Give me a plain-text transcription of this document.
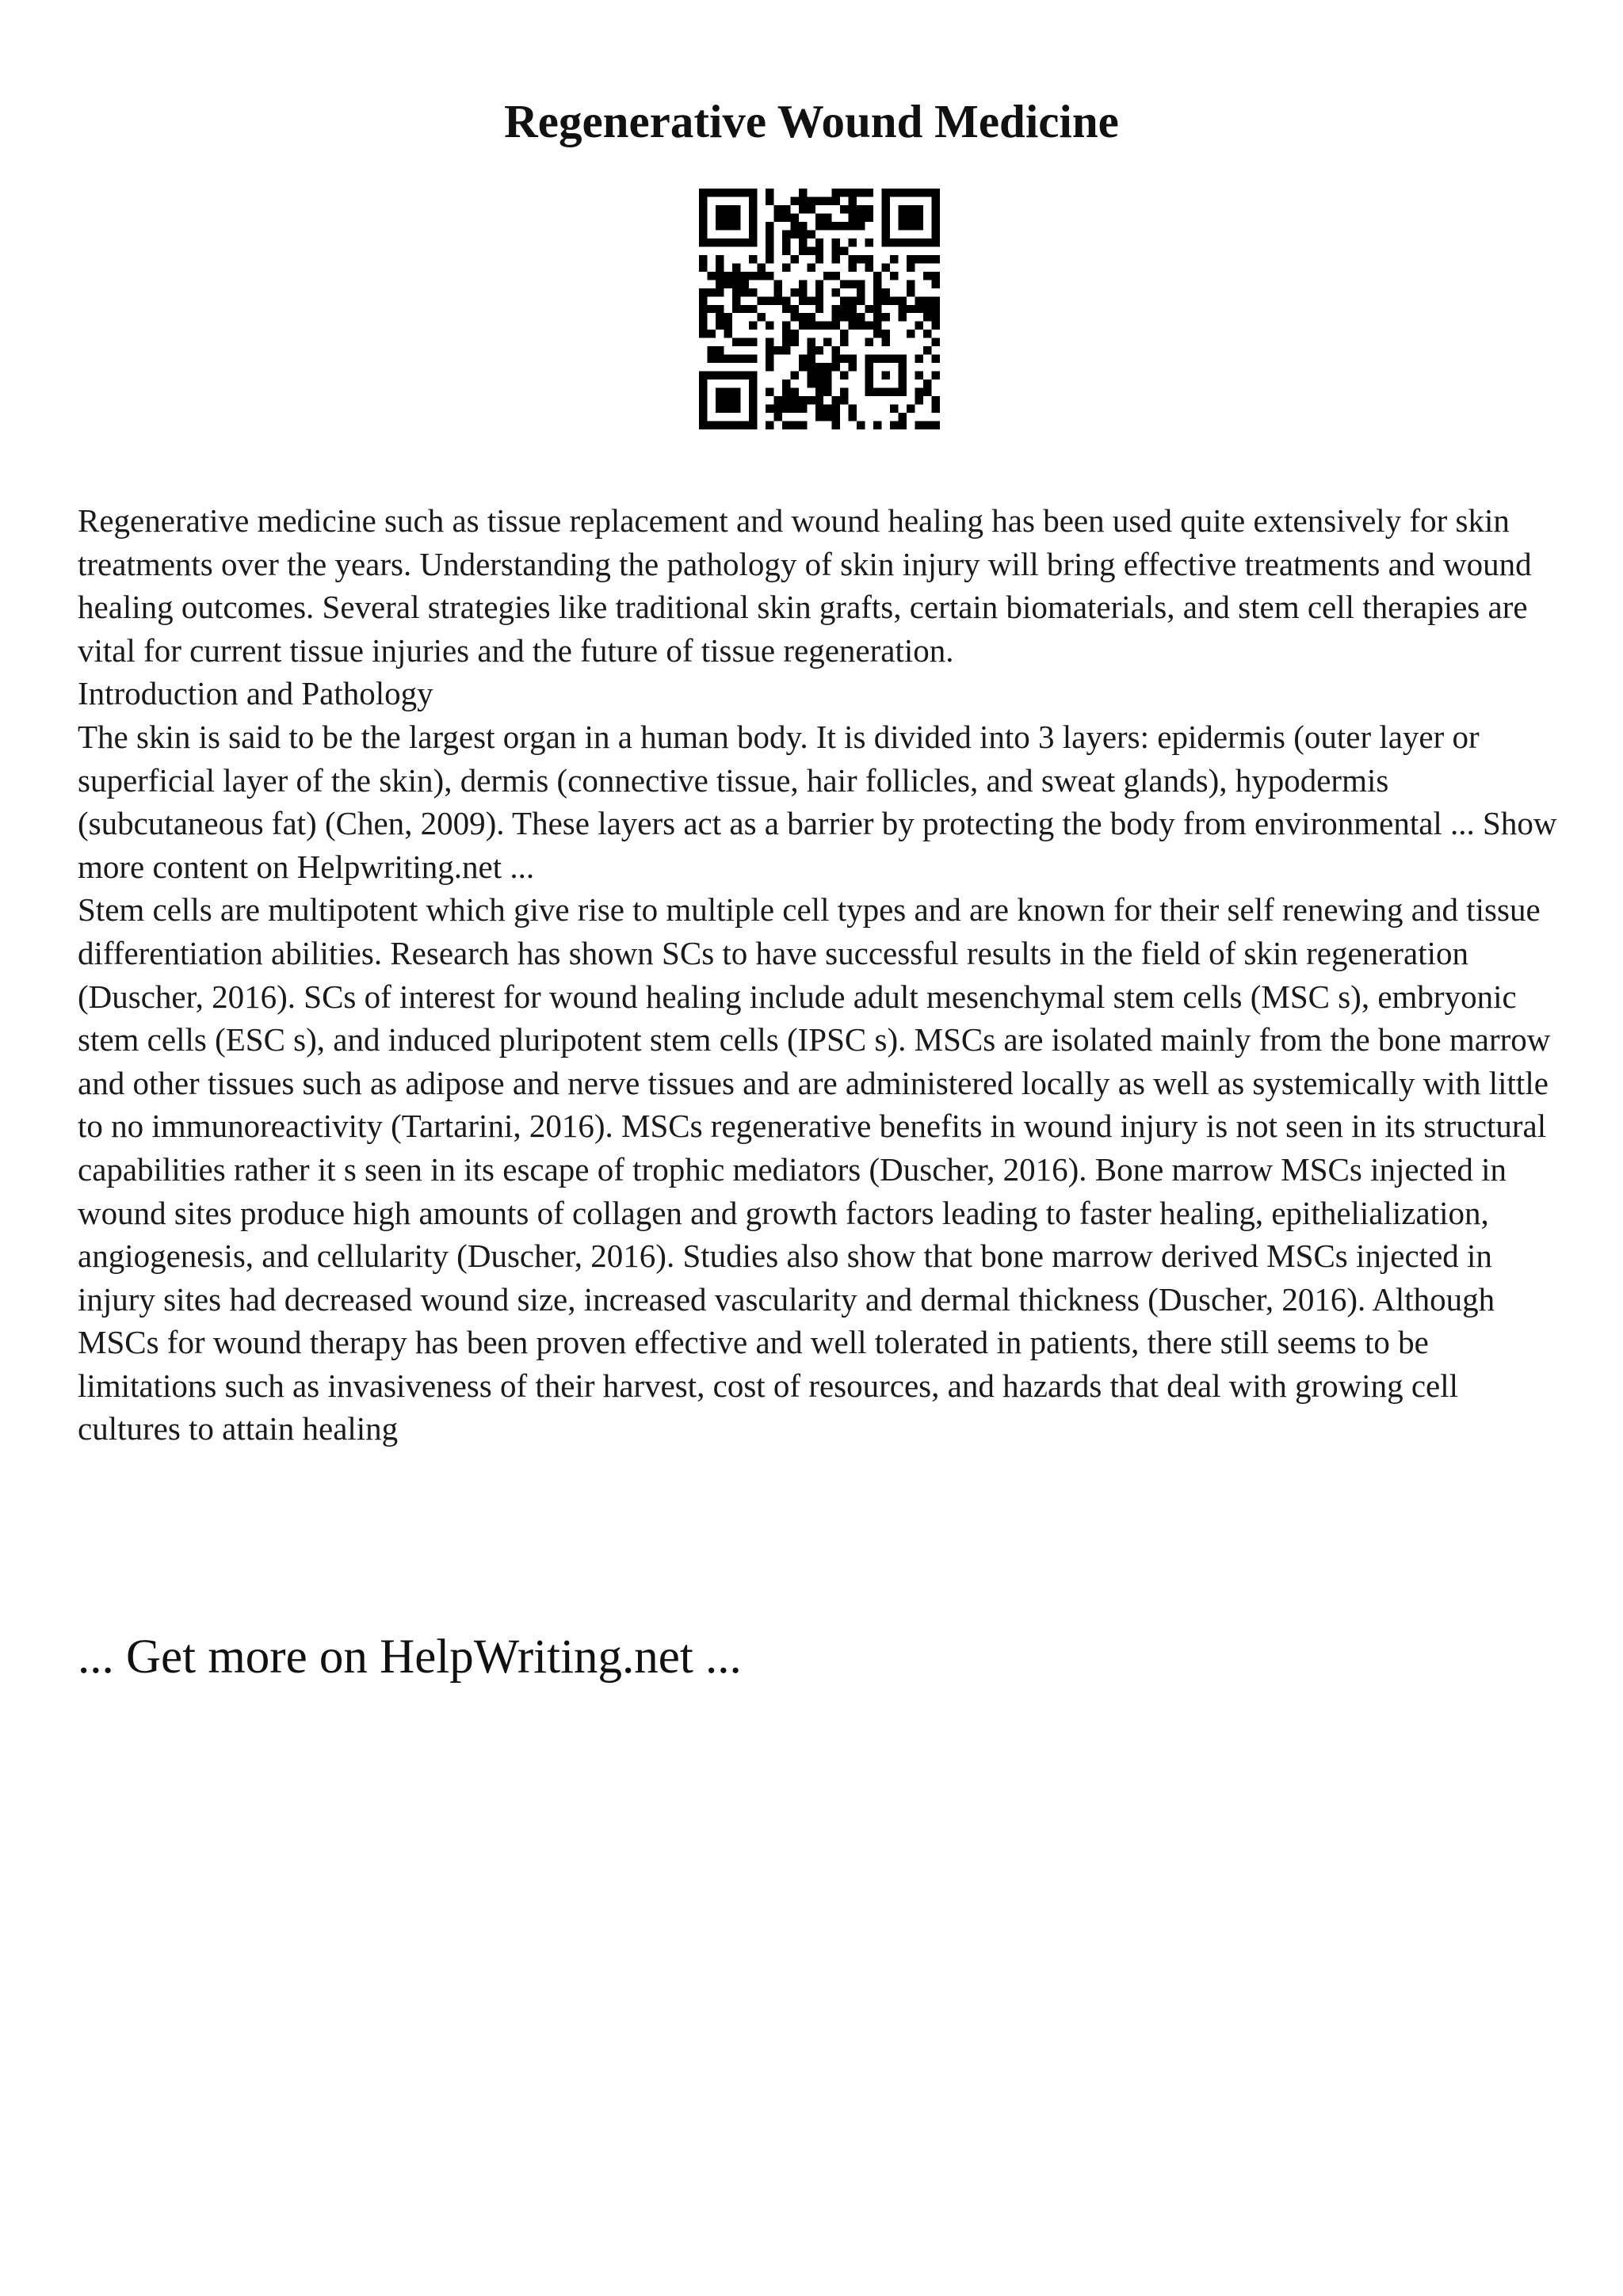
Regenerative Wound Medicine

Regenerative medicine such as tissue replacement and wound healing has been used quite extensively for skin treatments over the years. Understanding the pathology of skin injury will bring effective treatments and wound healing outcomes. Several strategies like traditional skin grafts, certain biomaterials, and stem cell therapies are vital for current tissue injuries and the future of tissue regeneration.

Introduction and Pathology

The skin is said to be the largest organ in a human body. It is divided into 3 layers: epidermis (outer layer or superficial layer of the skin), dermis (connective tissue, hair follicles, and sweat glands), hypodermis (subcutaneous fat) (Chen, 2009). These layers act as a barrier by protecting the body from environmental ... Show more content on Helpwriting.net ...

Stem cells are multipotent which give rise to multiple cell types and are known for their self renewing and tissue differentiation abilities. Research has shown SCs to have successful results in the field of skin regeneration (Duscher, 2016). SCs of interest for wound healing include adult mesenchymal stem cells (MSC s), embryonic stem cells (ESC s), and induced pluripotent stem cells (IPSC s). MSCs are isolated mainly from the bone marrow and other tissues such as adipose and nerve tissues and are administered locally as well as systemically with little to no immunoreactivity (Tartarini, 2016). MSCs regenerative benefits in wound injury is not seen in its structural capabilities rather it s seen in its escape of trophic mediators (Duscher, 2016). Bone marrow MSCs injected in wound sites produce high amounts of collagen and growth factors leading to faster healing, epithelialization, angiogenesis, and cellularity (Duscher, 2016). Studies also show that bone marrow derived MSCs injected in injury sites had decreased wound size, increased vascularity and dermal thickness (Duscher, 2016). Although MSCs for wound therapy has been proven effective and well tolerated in patients, there still seems to be limitations such as invasiveness of their harvest, cost of resources, and hazards that deal with growing cell cultures to attain healing

... Get more on HelpWriting.net ...
